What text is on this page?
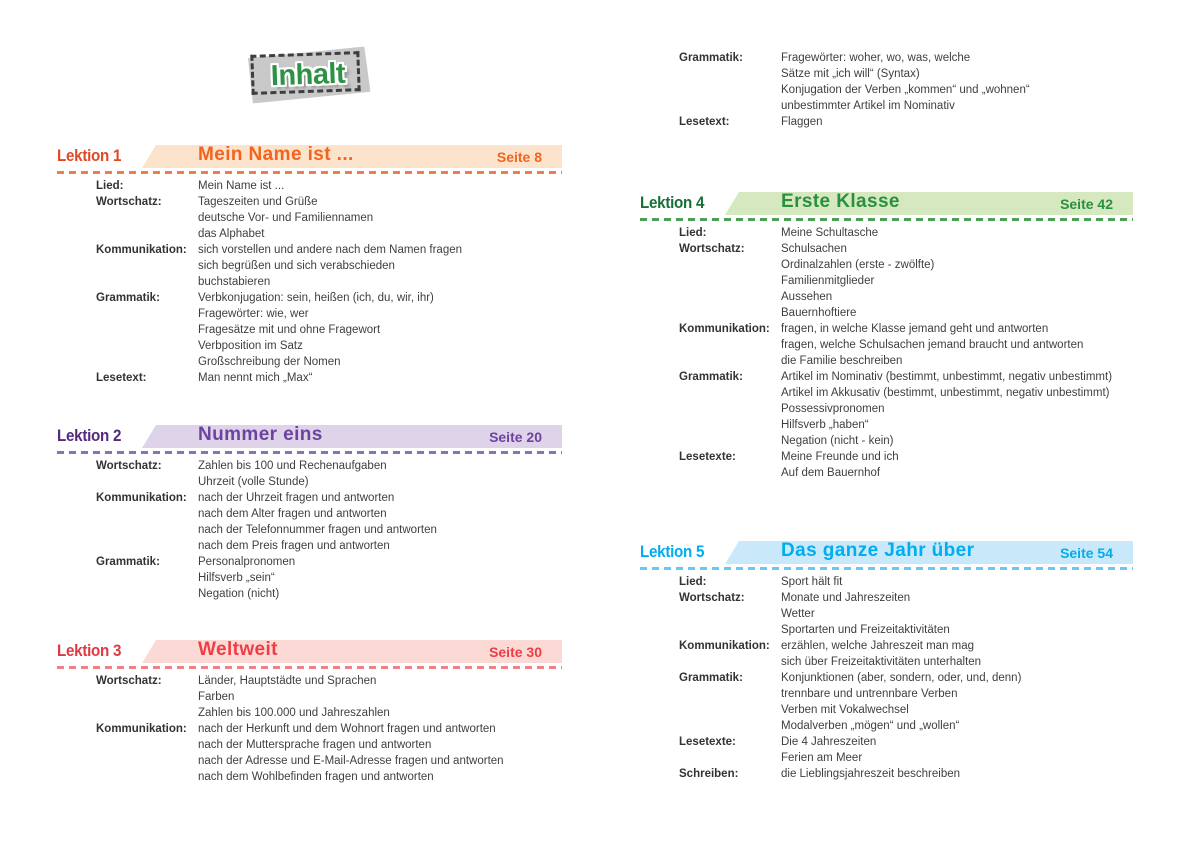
Inhalt
Lektion 1	Mein Name ist ...	Seite 8
Lied:	Mein Name ist ...
Wortschatz:	Tageszeiten und Grüße
deutsche Vor- und Familiennamen
das Alphabet
Kommunikation: sich vorstellen und andere nach dem Namen fragen
sich begrüßen und sich verabschieden
buchstabieren
Grammatik:	Verbkonjugation: sein, heißen (ich, du, wir, ihr)
Fragewörter: wie, wer
Fragesätze mit und ohne Fragewort
Verbposition im Satz
Großschreibung der Nomen
Lesetext:	Man nennt mich „Max“
Lektion 2	Nummer eins	Seite 20
Wortschatz:	Zahlen bis 100 und Rechenaufgaben
Uhrzeit (volle Stunde)
Kommunikation: nach der Uhrzeit fragen und antworten
nach dem Alter fragen und antworten
nach der Telefonnummer fragen und antworten
nach dem Preis fragen und antworten
Grammatik:	Personalpronomen
Hilfsverb „sein“
Negation (nicht)
Lektion 3	Weltweit	Seite 30
Wortschatz:	Länder, Hauptstädte und Sprachen
Farben
Zahlen bis 100.000 und Jahreszahlen
Kommunikation: nach der Herkunft und dem Wohnort fragen und antworten
nach der Muttersprache fragen und antworten
nach der Adresse und E-Mail-Adresse fragen und antworten
nach dem Wohlbefinden fragen und antworten
Grammatik:	Fragewörter: woher, wo, was, welche
Sätze mit „ich will“ (Syntax)
Konjugation der Verben „kommen“ und „wohnen“
unbestimmter Artikel im Nominativ
Lesetext:	Flaggen
Lektion 4	Erste Klasse	Seite 42
Lied:	Meine Schultasche
Wortschatz:	Schulsachen
Ordinalzahlen (erste - zwölfte)
Familienmitglieder
Aussehen
Bauernhoftiere
Kommunikation: fragen, in welche Klasse jemand geht und antworten
fragen, welche Schulsachen jemand braucht und antworten
die Familie beschreiben
Grammatik:	Artikel im Nominativ (bestimmt, unbestimmt, negativ unbestimmt)
Artikel im Akkusativ (bestimmt, unbestimmt, negativ unbestimmt)
Possessivpronomen
Hilfsverb „haben“
Negation (nicht - kein)
Lesetexte:	Meine Freunde und ich
Auf dem Bauernhof
Lektion 5	Das ganze Jahr über	Seite 54
Lied:	Sport hält fit
Wortschatz:	Monate und Jahreszeiten
Wetter
Sportarten und Freizeitaktivitäten
Kommunikation: erzählen, welche Jahreszeit man mag
sich über Freizeitaktivitäten unterhalten
Grammatik:	Konjunktionen (aber, sondern, oder, und, denn)
trennbare und untrennbare Verben
Verben mit Vokalwechsel
Modalverben „mögen“ und „wollen“
Lesetexte:	Die 4 Jahreszeiten
Ferien am Meer
Schreiben:	die Lieblingsjahreszeit beschreiben
